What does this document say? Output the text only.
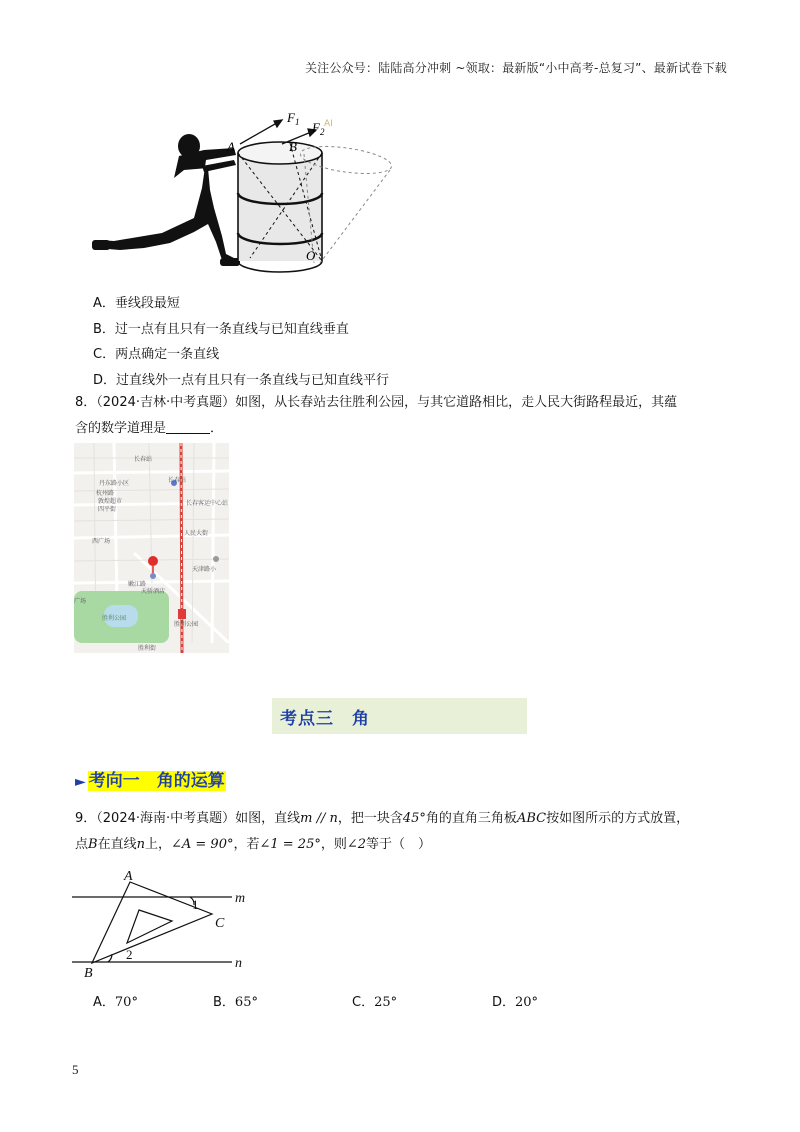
关注公众号：陆陆高分冲刺 ~领取：最新版“小中高考-总复习”、最新试卷下载
$F_1$ $F_2$
AI
A	B
O
A．垂线段最短
B．过一点有且只有一条直线与已知直线垂直
C．两点确定一条直线
D．过直线外一点有且只有一条直线与已知直线平行
8．（2024·吉林·中考真题）如图，从长春站去往胜利公园，与其它道路相比，走人民大街路程最近，其蕴
含的数学道理是	．
长春站
长春站
丹东路小区
杭州路
敦煌超市
四平街
长春客运中心站
西广场
人民大街
天津路小
嫩江路
天骄酒店
广场
胜利公园
胜利公园
胜利街
考点三　角
► 考向一　角的运算
9．（2024·海南·中考真题）如图，直线m // n，把一块含45°角的直角三角板ABC按如图所示的方式放置，
点B在直线n上，∠A = 90°，若∠1 = 25°，则∠2等于（　）
A
B
C
m
n
1
2
A．70°	B．65°	C．25°	D．20°
5
